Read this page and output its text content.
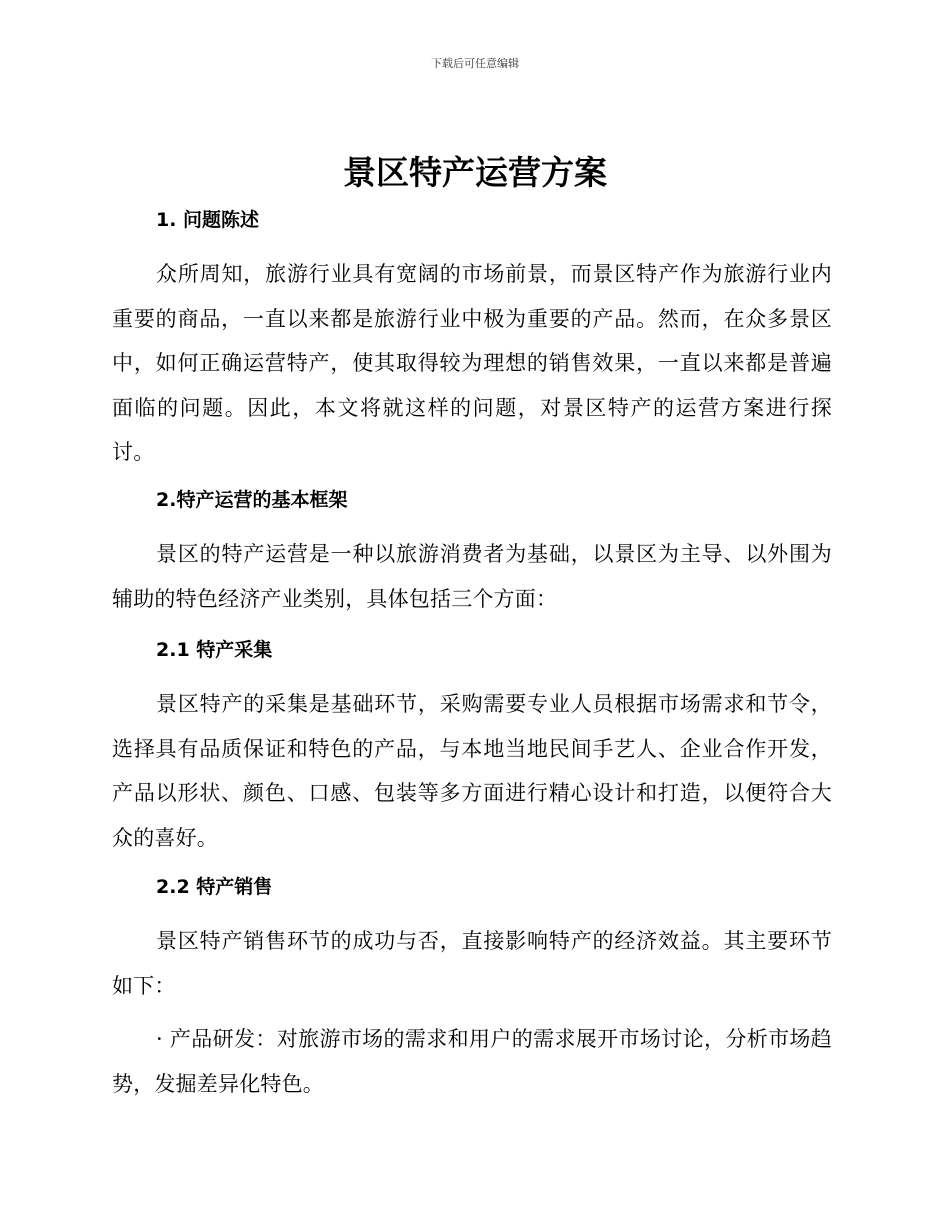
下载后可任意编辑
景区特产运营方案
1. 问题陈述
众所周知，旅游行业具有宽阔的市场前景，而景区特产作为旅游行业内重要的商品，一直以来都是旅游行业中极为重要的产品。然而，在众多景区中，如何正确运营特产，使其取得较为理想的销售效果，一直以来都是普遍面临的问题。因此，本文将就这样的问题，对景区特产的运营方案进行探讨。
2.特产运营的基本框架
景区的特产运营是一种以旅游消费者为基础，以景区为主导、以外围为辅助的特色经济产业类别，具体包括三个方面：
2.1 特产采集
景区特产的采集是基础环节，采购需要专业人员根据市场需求和节令，选择具有品质保证和特色的产品，与本地当地民间手艺人、企业合作开发，产品以形状、颜色、口感、包装等多方面进行精心设计和打造，以便符合大众的喜好。
2.2 特产销售
景区特产销售环节的成功与否，直接影响特产的经济效益。其主要环节如下：
· 产品研发：对旅游市场的需求和用户的需求展开市场讨论，分析市场趋势，发掘差异化特色。
